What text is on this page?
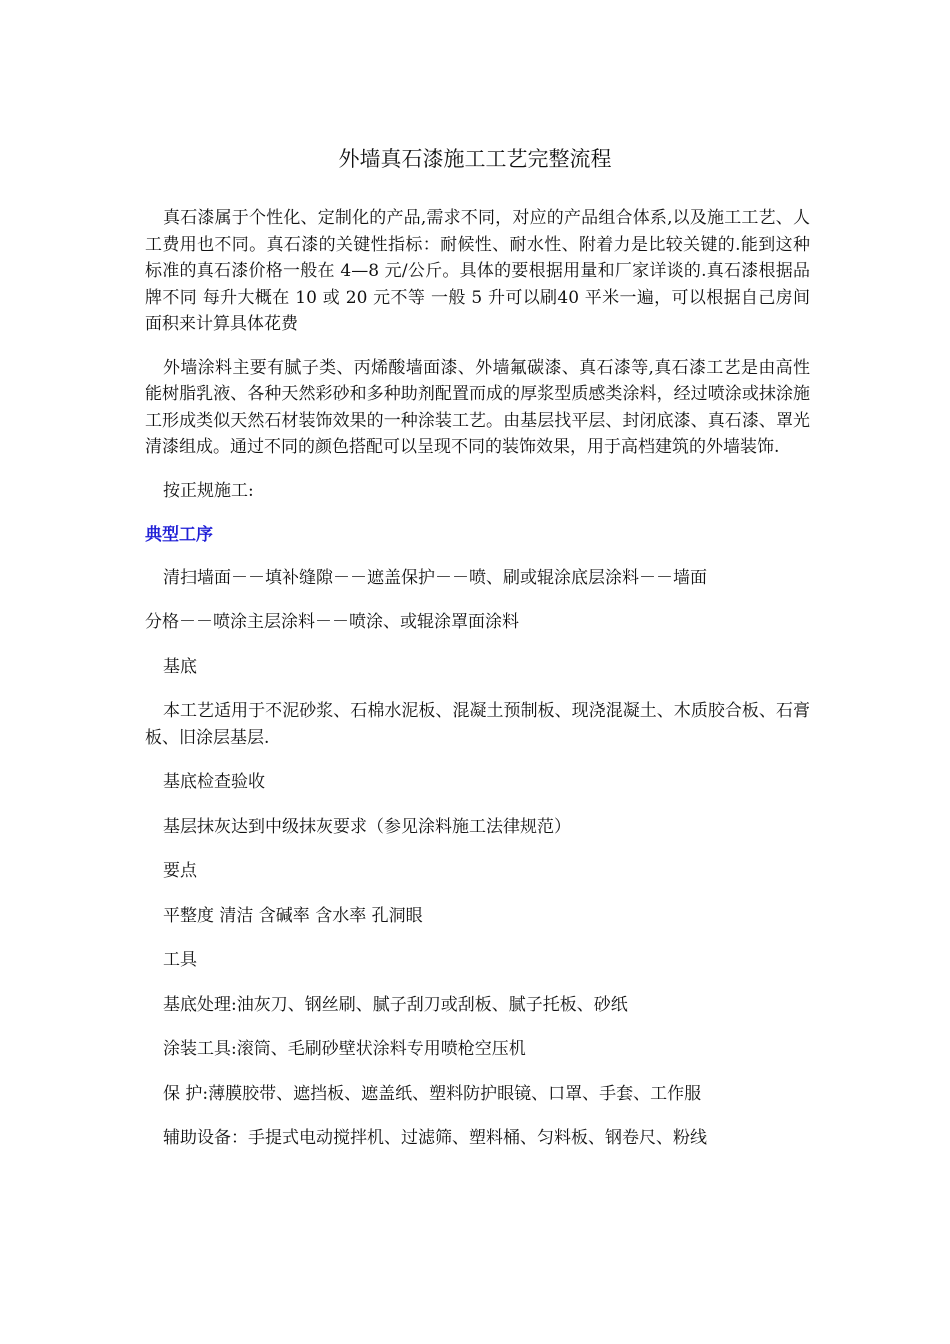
外墙真石漆施工工艺完整流程

真石漆属于个性化、定制化的产品,需求不同，对应的产品组合体系,以及施工工艺、人工费用也不同。真石漆的关键性指标：耐候性、耐水性、附着力是比较关键的.能到这种标准的真石漆价格一般在 4—8 元/公斤。具体的要根据用量和厂家详谈的.真石漆根据品牌不同 每升大概在 10 或 20 元不等 一般 5 升可以刷40 平米一遍，可以根据自己房间面积来计算具体花费

外墙涂料主要有腻子类、丙烯酸墙面漆、外墙氟碳漆、真石漆等,真石漆工艺是由高性能树脂乳液、各种天然彩砂和多种助剂配置而成的厚浆型质感类涂料，经过喷涂或抹涂施工形成类似天然石材装饰效果的一种涂装工艺。由基层找平层、封闭底漆、真石漆、罩光清漆组成。通过不同的颜色搭配可以呈现不同的装饰效果，用于高档建筑的外墙装饰.

按正规施工:

典型工序

清扫墙面－－填补缝隙－－遮盖保护－－喷、刷或辊涂底层涂料－－墙面

分格－－喷涂主层涂料－－喷涂、或辊涂罩面涂料

基底

本工艺适用于不泥砂浆、石棉水泥板、混凝土预制板、现浇混凝土、木质胶合板、石膏板、旧涂层基层.

基底检查验收

基层抹灰达到中级抹灰要求（参见涂料施工法律规范）

要点

平整度 清洁 含碱率 含水率 孔洞眼

工具

基底处理:油灰刀、钢丝刷、腻子刮刀或刮板、腻子托板、砂纸

涂装工具:滚筒、毛刷砂壁状涂料专用喷枪空压机

保 护:薄膜胶带、遮挡板、遮盖纸、塑料防护眼镜、口罩、手套、工作服

辅助设备：手提式电动搅拌机、过滤筛、塑料桶、匀料板、钢卷尺、粉线
